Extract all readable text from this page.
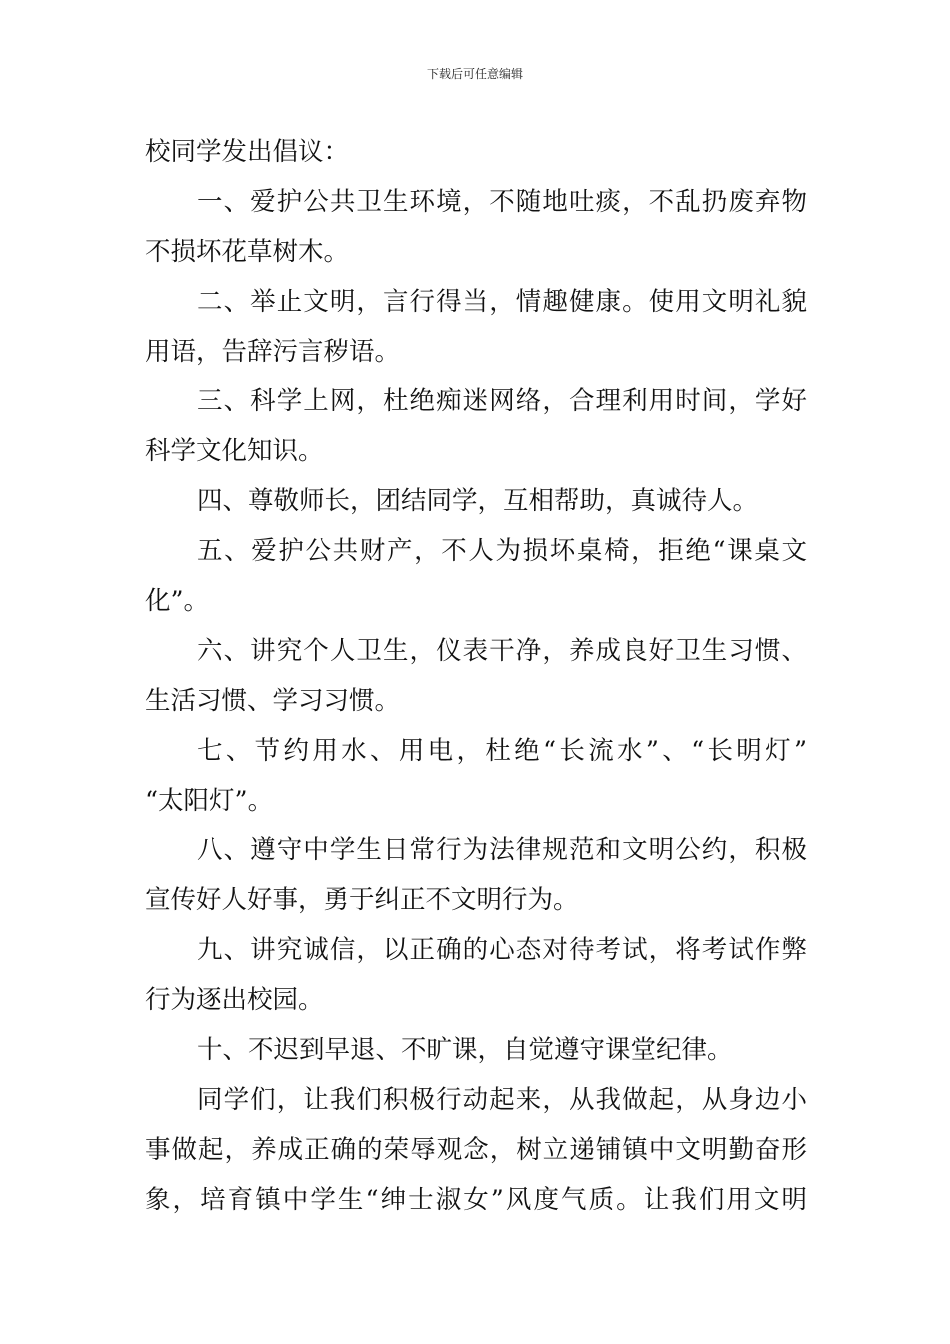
下载后可任意编辑
校同学发出倡议：
一、爱护公共卫生环境，不随地吐痰，不乱扔废弃物
不损坏花草树木。
二、举止文明，言行得当，情趣健康。使用文明礼貌
用语，告辞污言秽语。
三、科学上网，杜绝痴迷网络，合理利用时间，学好
科学文化知识。
四、尊敬师长，团结同学，互相帮助，真诚待人。
五、爱护公共财产，不人为损坏桌椅，拒绝“课桌文
化”。
六、讲究个人卫生，仪表干净，养成良好卫生习惯、
生活习惯、学习习惯。
七、节约用水、用电，杜绝“长流水”、“长明灯”
“太阳灯”。
八、遵守中学生日常行为法律规范和文明公约，积极
宣传好人好事，勇于纠正不文明行为。
九、讲究诚信，以正确的心态对待考试，将考试作弊
行为逐出校园。
十、不迟到早退、不旷课，自觉遵守课堂纪律。
同学们，让我们积极行动起来，从我做起，从身边小
事做起，养成正确的荣辱观念，树立递铺镇中文明勤奋形
象，培育镇中学生“绅士淑女”风度气质。让我们用文明
